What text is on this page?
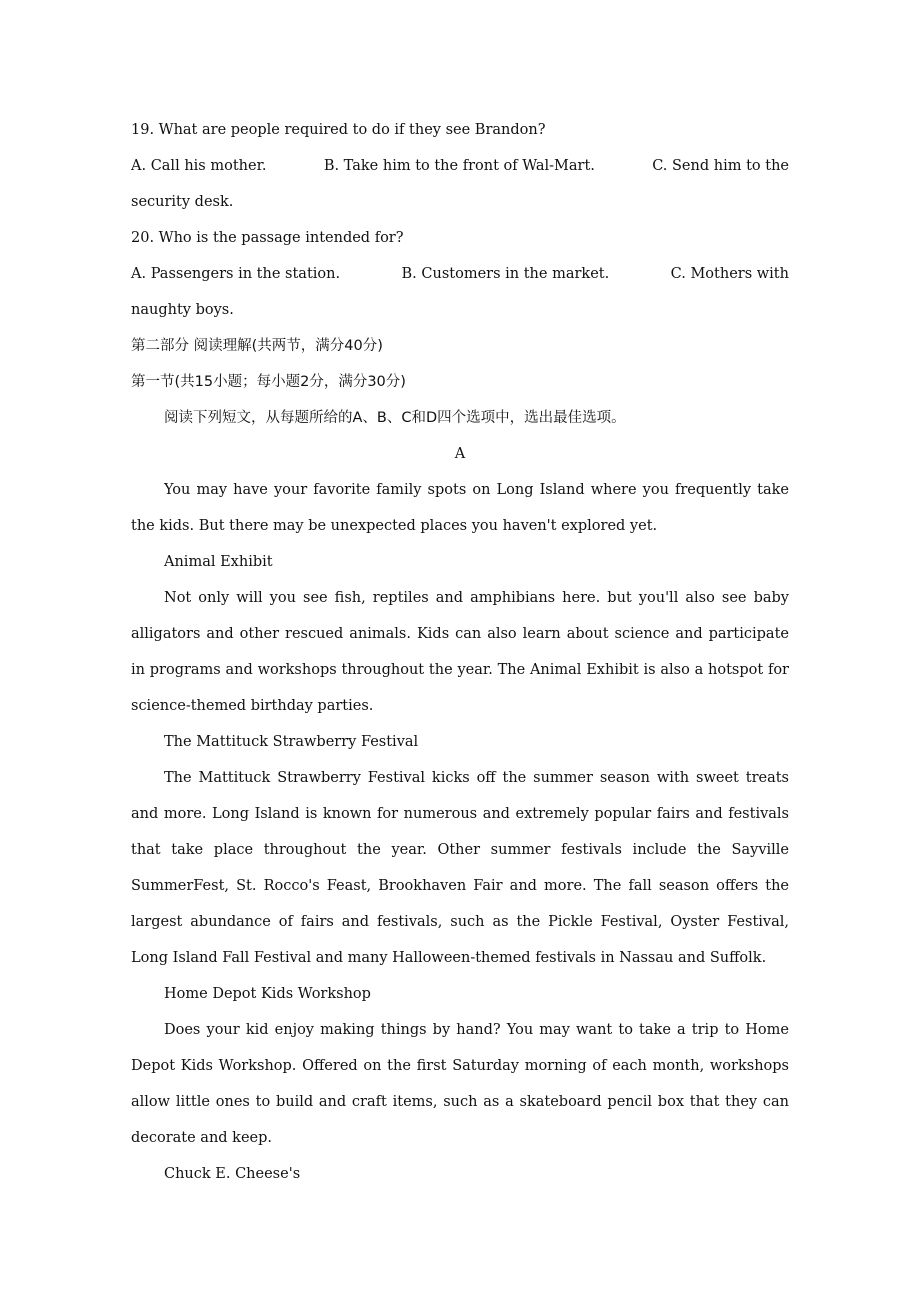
19. What are people required to do if they see Brandon?

A. Call his mother.	B. Take him to the front of Wal-Mart.	C. Send him to the

security desk.

20. Who is the passage intended for?

A. Passengers in the station.	B. Customers in the market.	C. Mothers with

naughty boys.

第二部分 阅读理解(共两节，满分40分)

第一节(共15小题；每小题2分，满分30分)

阅读下列短文，从每题所给的A、B、C和D四个选项中，选出最佳选项。

A

You may have your favorite family spots on Long Island where you frequently take the kids. But there may be unexpected places you haven't explored yet.

Animal Exhibit

Not only will you see fish, reptiles and amphibians here. but you'll also see baby alligators and other rescued animals. Kids can also learn about science and participate in programs and workshops throughout the year. The Animal Exhibit is also a hotspot for science-themed birthday parties.

The Mattituck Strawberry Festival

The Mattituck Strawberry Festival kicks off the summer season with sweet treats and more. Long Island is known for numerous and extremely popular fairs and festivals that take place throughout the year. Other summer festivals include the Sayville SummerFest, St. Rocco's Feast, Brookhaven Fair and more. The fall season offers the largest abundance of fairs and festivals, such as the Pickle Festival, Oyster Festival, Long Island Fall Festival and many Halloween-themed festivals in Nassau and Suffolk.

Home Depot Kids Workshop

Does your kid enjoy making things by hand? You may want to take a trip to Home Depot Kids Workshop. Offered on the first Saturday morning of each month, workshops allow little ones to build and craft items, such as a skateboard pencil box that they can decorate and keep.

Chuck E. Cheese's
